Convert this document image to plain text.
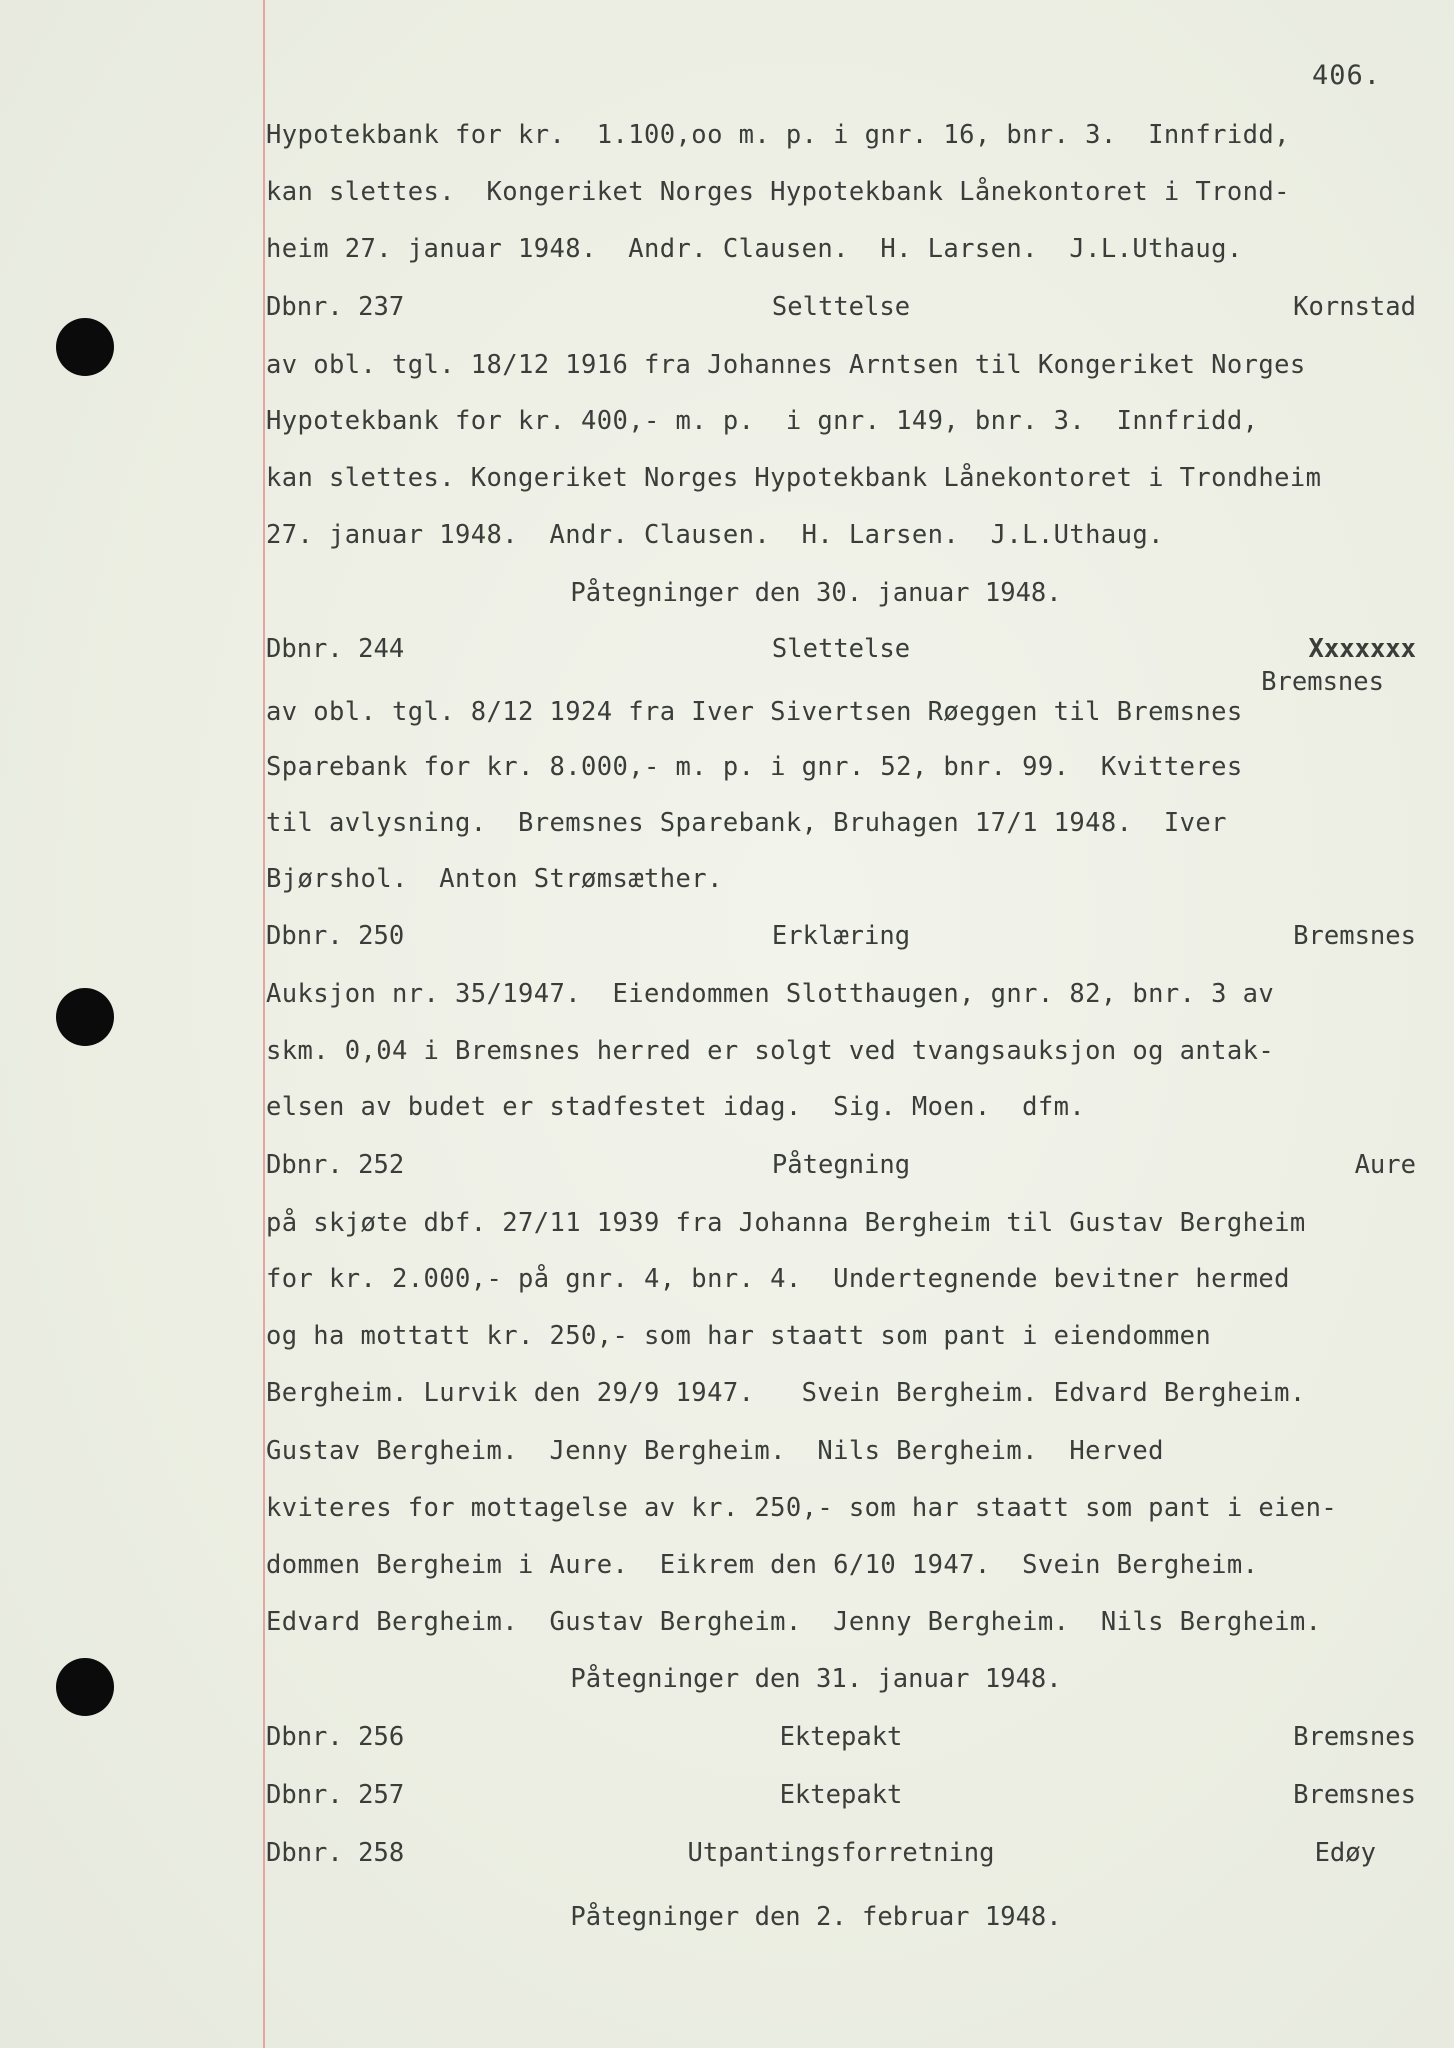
406.
Hypotekbank for kr.  1.100,oo m. p. i gnr. 16, bnr. 3.  Innfridd,
kan slettes.  Kongeriket Norges Hypotekbank Lånekontoret i Trond-
heim 27. januar 1948.  Andr. Clausen.  H. Larsen.  J.L.Uthaug.
Dbnr. 237	Selttelse	Kornstad
av obl. tgl. 18/12 1916 fra Johannes Arntsen til Kongeriket Norges
Hypotekbank for kr. 400,- m. p.  i gnr. 149, bnr. 3.  Innfridd,
kan slettes. Kongeriket Norges Hypotekbank Lånekontoret i Trondheim
27. januar 1948.  Andr. Clausen.  H. Larsen.  J.L.Uthaug.
Påtegninger den 30. januar 1948.
Dbnr. 244	Slettelse	Xxxxxxx
Bremsnes
av obl. tgl. 8/12 1924 fra Iver Sivertsen Røeggen til Bremsnes
Sparebank for kr. 8.000,- m. p. i gnr. 52, bnr. 99.  Kvitteres
til avlysning.  Bremsnes Sparebank, Bruhagen 17/1 1948.  Iver
Bjørshol.  Anton Strømsæther.
Dbnr. 250	Erklæring	Bremsnes
Auksjon nr. 35/1947.  Eiendommen Slotthaugen, gnr. 82, bnr. 3 av
skm. 0,04 i Bremsnes herred er solgt ved tvangsauksjon og antak-
elsen av budet er stadfestet idag.  Sig. Moen.  dfm.
Dbnr. 252	Påtegning	Aure
på skjøte dbf. 27/11 1939 fra Johanna Bergheim til Gustav Bergheim
for kr. 2.000,- på gnr. 4, bnr. 4.  Undertegnende bevitner hermed
og ha mottatt kr. 250,- som har staatt som pant i eiendommen
Bergheim. Lurvik den 29/9 1947.   Svein Bergheim. Edvard Bergheim.
Gustav Bergheim.  Jenny Bergheim.  Nils Bergheim.  Herved
kviteres for mottagelse av kr. 250,- som har staatt som pant i eien-
dommen Bergheim i Aure.  Eikrem den 6/10 1947.  Svein Bergheim.
Edvard Bergheim.  Gustav Bergheim.  Jenny Bergheim.  Nils Bergheim.
Påtegninger den 31. januar 1948.
Dbnr. 256	Ektepakt	Bremsnes
Dbnr. 257	Ektepakt	Bremsnes
Dbnr. 258	Utpantingsforretning	Edøy
Påtegninger den 2. februar 1948.
